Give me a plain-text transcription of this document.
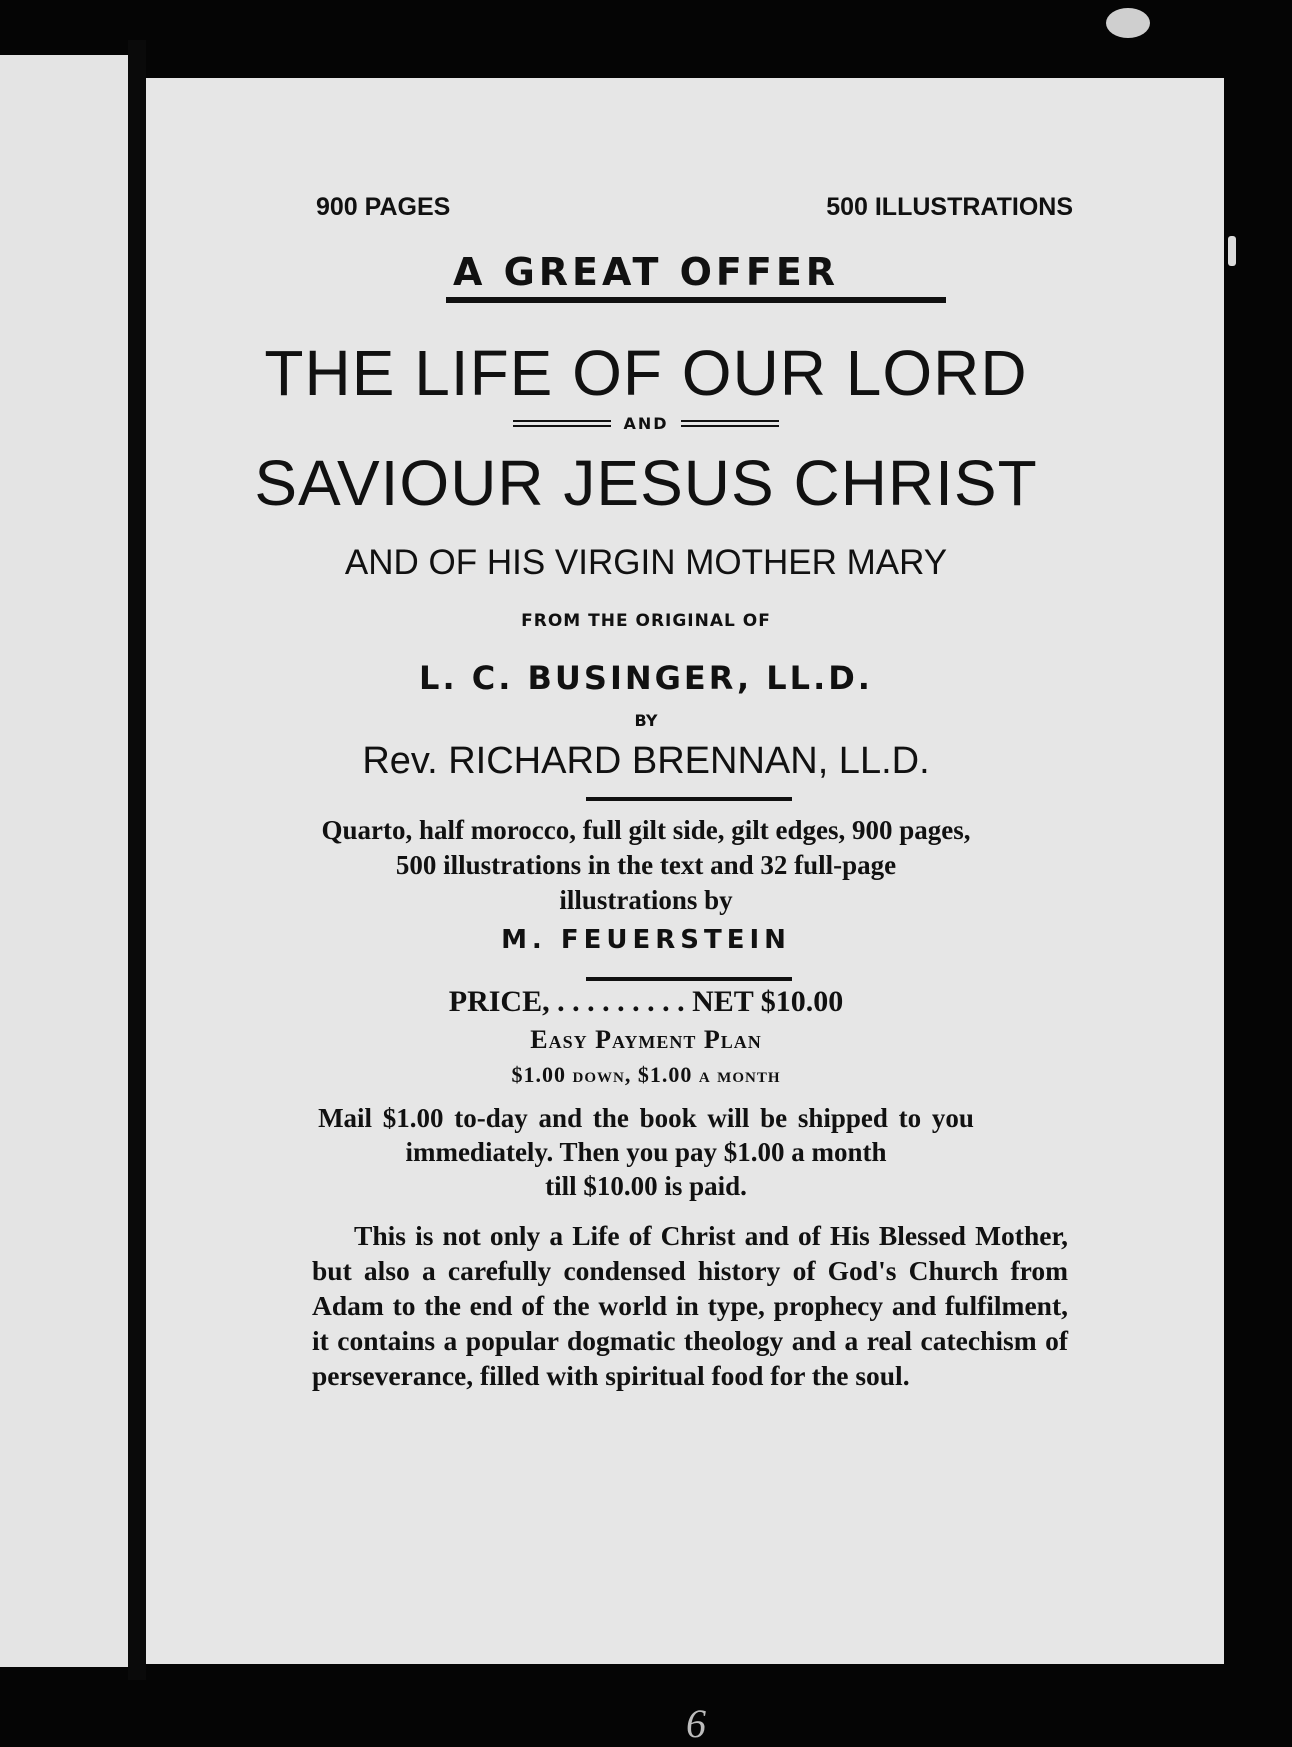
900 PAGES	500 ILLUSTRATIONS

A GREAT OFFER

THE LIFE OF OUR LORD

AND

SAVIOUR JESUS CHRIST

AND OF HIS VIRGIN MOTHER MARY

FROM THE ORIGINAL OF

L. C. BUSINGER, LL.D.

BY

Rev. RICHARD BRENNAN, LL.D.

Quarto, half morocco, full gilt side, gilt edges, 900 pages,

500 illustrations in the text and 32 full-page

illustrations by

M. FEUERSTEIN

PRICE, . . . . . . . . . NET $10.00

Easy Payment Plan

$1.00 down, $1.00 a month

Mail $1.00 to-day and the book will be shipped to you

immediately. Then you pay $1.00 a month

till $10.00 is paid.

This is not only a Life of Christ and of His Blessed Mother, but also a carefully condensed history of God's Church from Adam to the end of the world in type, prophecy and fulfilment, it contains a popular dogmatic theology and a real catechism of perseverance, filled with spiritual food for the soul.

6
